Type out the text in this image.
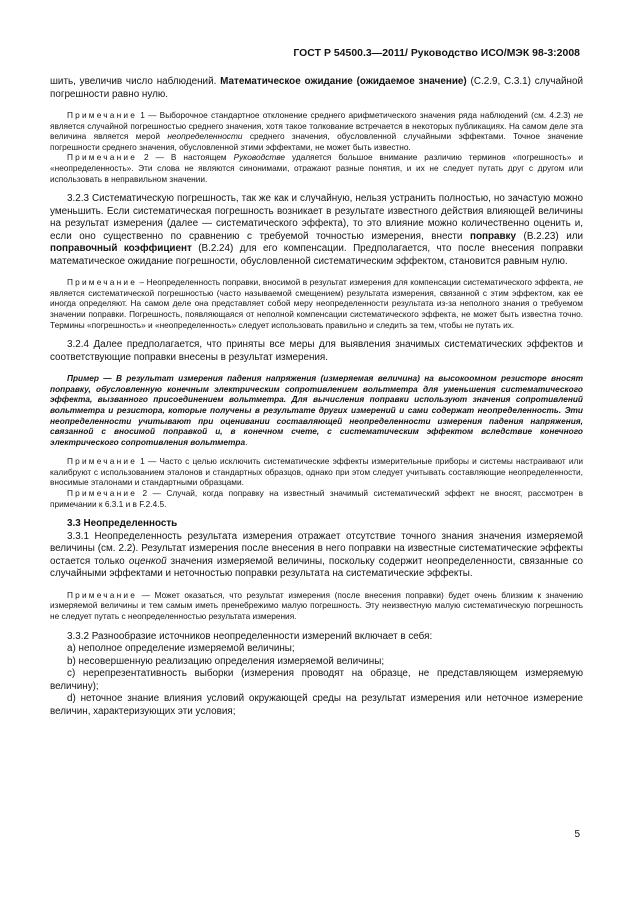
ГОСТ Р 54500.3—2011/ Руководство ИСО/МЭК 98-3:2008

шить, увеличив число наблюдений. Математическое ожидание (ожидаемое значение) (С.2.9, С.3.1) случайной погрешности равно нулю.

Примечание 1 — Выборочное стандартное отклонение среднего арифметического значения ряда наблюдений (см. 4.2.3) не является случайной погрешностью среднего значения, хотя такое толкование встречается в некоторых публикациях. На самом деле эта величина является мерой неопределенности среднего значения, обусловленной случайными эффектами. Точное значение погрешности среднего значения, обусловленной этими эффектами, не может быть известно.

Примечание 2 — В настоящем Руководстве удаляется большое внимание различию терминов «погрешность» и «неопределенность». Эти слова не являются синонимами, отражают разные понятия, и их не следует путать друг с другом или использовать в неправильном значении.

3.2.3 Систематическую погрешность, так же как и случайную, нельзя устранить полностью, но зачастую можно уменьшить. Если систематическая погрешность возникает в результате известного действия влияющей величины на результат измерения (далее — систематического эффекта), то это влияние можно количественно оценить и, если оно существенно по сравнению с требуемой точностью измерения, внести поправку (В.2.23) или поправочный коэффициент (В.2.24) для его компенсации. Предполагается, что после внесения поправки математическое ожидание погрешности, обусловленной систематическим эффектом, становится равным нулю.

Примечание – Неопределенность поправки, вносимой в результат измерения для компенсации систематического эффекта, не является систематической погрешностью (часто называемой смещением) результата измерения, связанной с этим эффектом, как ее иногда определяют. На самом деле она представляет собой меру неопределенности результата из-за неполного знания о требуемом значении поправки. Погрешность, появляющаяся от неполной компенсации систематического эффекта, не может быть известна точно. Термины «погрешность» и «неопределенность» следует использовать правильно и следить за тем, чтобы не путать их.

3.2.4 Далее предполагается, что приняты все меры для выявления значимых систематических эффектов и соответствующие поправки внесены в результат измерения.

Пример — В результат измерения падения напряжения (измеряемая величина) на высокоомном резисторе вносят поправку, обусловленную конечным электрическим сопротивлением вольтметра для уменьшения систематического эффекта, вызванного присоединением вольтметра. Для вычисления поправки используют значения сопротивлений вольтметра и резистора, которые получены в результате других измерений и сами содержат неопределенность. Эти неопределенности учитывают при оценивании составляющей неопределенности измерения падения напряжения, связанной с вносимой поправкой и, в конечном счете, с систематическим эффектом вследствие конечного электрического сопротивления вольтметра.

Примечание 1 — Часто с целью исключить систематические эффекты измерительные приборы и системы настраивают или калибруют с использованием эталонов и стандартных образцов, однако при этом следует учитывать составляющие неопределенности, вносимые эталонами и стандартными образцами.

Примечание 2 — Случай, когда поправку на известный значимый систематический эффект не вносят, рассмотрен в примечании к 6.3.1 и в F.2.4.5.

3.3 Неопределенность

3.3.1 Неопределенность результата измерения отражает отсутствие точного знания значения измеряемой величины (см. 2.2). Результат измерения после внесения в него поправки на известные систематические эффекты остается только оценкой значения измеряемой величины, поскольку содержит неопределенности, связанные со случайными эффектами и неточностью поправки результата на систематические эффекты.

Примечание — Может оказаться, что результат измерения (после внесения поправки) будет очень близким к значению измеряемой величины и тем самым иметь пренебрежимо малую погрешность. Эту неизвестную малую систематическую погрешность не следует путать с неопределенностью результата измерения.

3.3.2 Разнообразие источников неопределенности измерений включает в себя:

а) неполное определение измеряемой величины;

b) несовершенную реализацию определения измеряемой величины;

c) нерепрезентативность выборки (измерения проводят на образце, не представляющем измеряемую величину);

d) неточное знание влияния условий окружающей среды на результат измерения или неточное измерение величин, характеризующих эти условия;

5
